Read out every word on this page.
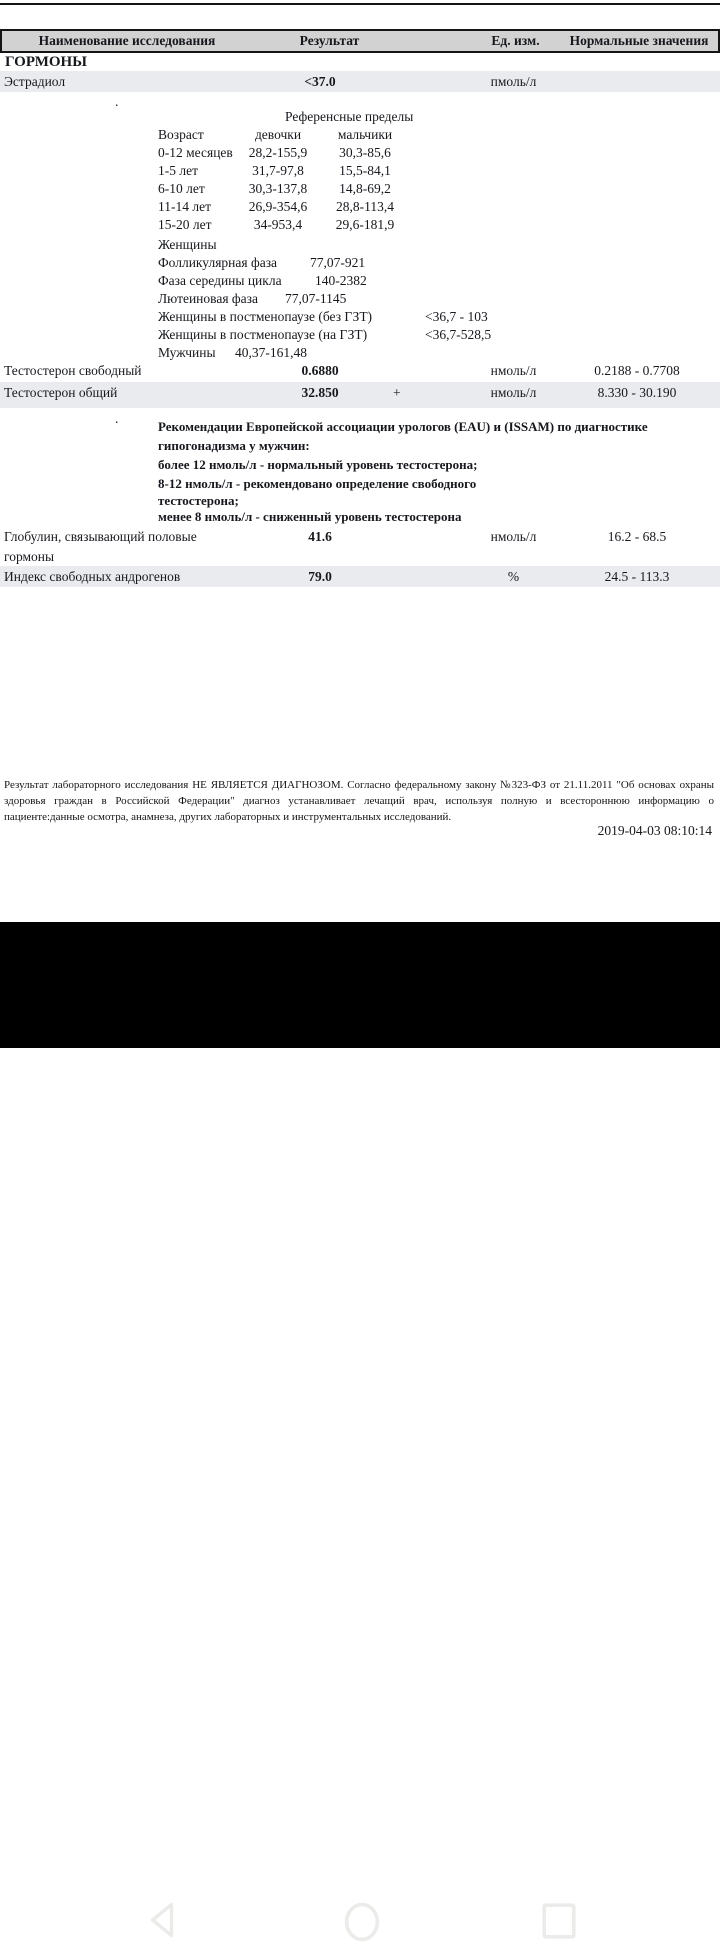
Наименование исследования	Результат	Ед. изм.	Нормальные значения
ГОРМОНЫ
Эстрадиол	<37.0	пмоль/л
.
Референсные пределы
Возраст	девочки	мальчики
0-12 месяцев	28,2-155,9	30,3-85,6
1-5 лет	31,7-97,8	15,5-84,1
6-10 лет	30,3-137,8	14,8-69,2
11-14 лет	26,9-354,6	28,8-113,4
15-20 лет	34-953,4	29,6-181,9
Женщины
Фолликулярная фаза 77,07-921
Фаза середины цикла 140-2382
Лютеиновая фаза 77,07-1145
Женщины в постменопаузе (без ГЗТ)	<36,7 - 103
Женщины в постменопаузе (на ГЗТ)	<36,7-528,5
Мужчины 40,37-161,48
Тестостерон свободный	0.6880	нмоль/л	0.2188 - 0.7708
Тестостерон общий	32.850	+	нмоль/л	8.330 - 30.190
.
Рекомендации Европейской ассоциации урологов (EAU) и (ISSAM) по диагностике
гипогонадизма у мужчин:
более 12 нмоль/л - нормальный уровень тестостерона;
8-12 нмоль/л - рекомендовано определение свободного
тестостерона;
менее 8 нмоль/л - сниженный уровень тестостерона
Глобулин, связывающий половые
гормоны
41.6	нмоль/л	16.2 - 68.5
Индекс свободных андрогенов	79.0	%	24.5 - 113.3
Результат лабораторного исследования НЕ ЯВЛЯЕТСЯ ДИАГНОЗОМ. Согласно федеральному закону №323-ФЗ от 21.11.2011 "Об основах охраны здоровья граждан в Российской Федерации" диагноз устанавливает лечащий врач, используя полную и всестороннюю информацию о пациенте:данные осмотра, анамнеза, других лабораторных и инструментальных исследований.
2019-04-03 08:10:14
